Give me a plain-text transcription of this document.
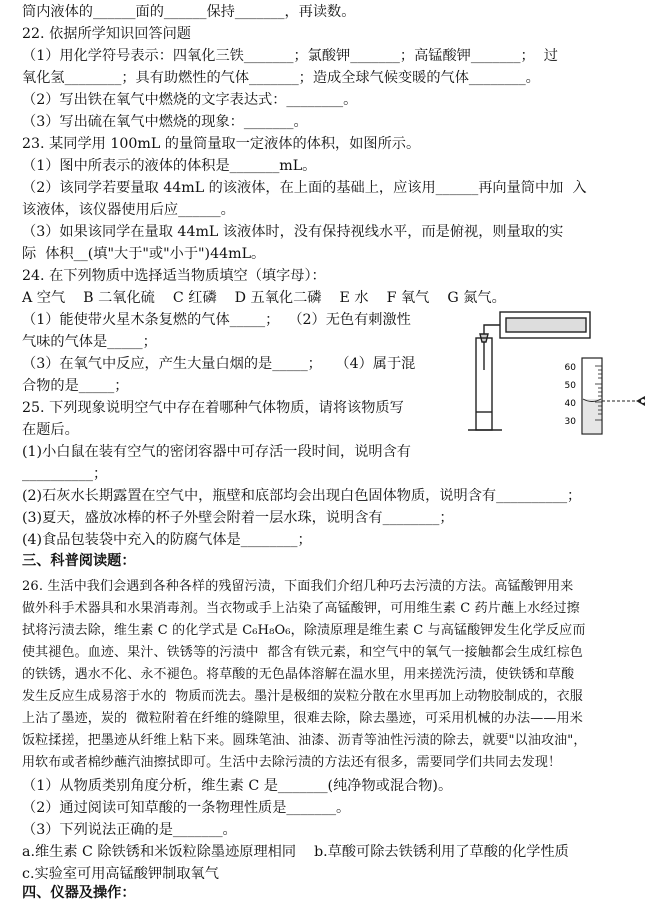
筒内液体的______面的______保持_______，再读数。
22. 依据所学知识回答问题
（1）用化学符号表示：四氧化三铁_______；氯酸钾_______；高锰酸钾_______；  过
氧化氢________；具有助燃性的气体_______；造成全球气候变暖的气体________。
（2）写出铁在氧气中燃烧的文字表达式：________。
（3）写出硫在氧气中燃烧的现象：_______。
23. 某同学用 100mL 的量筒量取一定液体的体积，如图所示。
（1）图中所表示的液体的体积是_______mL。
（2）该同学若要量取 44mL 的该液体，在上面的基础上，应该用______再向量筒中加  入
该液体，该仪器使用后应______。
（3）如果该同学在量取 44mL 该液体时，没有保持视线水平，而是俯视，则量取的实
际  体积__(填"大于"或"小于")44mL。
24. 在下列物质中选择适当物质填空（填字母）：
A 空气    B 二氧化硫    C 红磷    D 五氧化二磷    E 水    F 氧气    G 氮气。
（1）能使带火星木条复燃的气体_____；  （2）无色有刺激性
气味的气体是_____；
（3）在氧气中反应，产生大量白烟的是_____；   （4）属于混
合物的是_____；
25. 下列现象说明空气中存在着哪种气体物质，请将该物质写
在题后。
(1)小白鼠在装有空气的密闭容器中可存活一段时间，说明含有
__________；
(2)石灰水长期露置在空气中，瓶壁和底部均会出现白色固体物质，说明含有__________；
(3)夏天，盛放冰棒的杯子外壁会附着一层水珠，说明含有________；
(4)食品包装袋中充入的防腐气体是________；
三、科普阅读题：
26. 生活中我们会遇到各种各样的残留污渍，下面我们介绍几种巧去污渍的方法。高锰酸钾用来
做外科手术器具和水果消毒剂。当衣物或手上沾染了高锰酸钾，可用维生素 C 药片蘸上水经过擦
拭将污渍去除，维生素 C 的化学式是 C₆H₈O₆，除渍原理是维生素 C 与高锰酸钾发生化学反应而
使其褪色。血迹、果汁、铁锈等的污渍中  都含有铁元素，和空气中的氧气一接触都会生成红棕色
的铁锈，遇水不化、永不褪色。将草酸的无色晶体溶解在温水里，用来搓洗污渍，使铁锈和草酸
发生反应生成易溶于水的  物质而洗去。墨汁是极细的炭粒分散在水里再加上动物胶制成的，衣服
上沾了墨迹，炭的  微粒附着在纤维的缝隙里，很难去除，除去墨迹，可采用机械的办法——用米
饭粒揉搓，把墨迹从纤维上粘下来。圆珠笔油、油漆、沥青等油性污渍的除去，就要"以油攻油"，
用软布或者棉纱蘸汽油擦拭即可。生活中去除污渍的方法还有很多，需要同学们共同去发现！
（1）从物质类别角度分析，维生素 C 是_______(纯净物或混合物)。
（2）通过阅读可知草酸的一条物理性质是_______。
（3）下列说法正确的是_______。
a.维生素 C 除铁锈和米饭粒除墨迹原理相同    b.草酸可除去铁锈利用了草酸的化学性质
c.实验室可用高锰酸钾制取氧气
四、仪器及操作：
60
50
40
30
